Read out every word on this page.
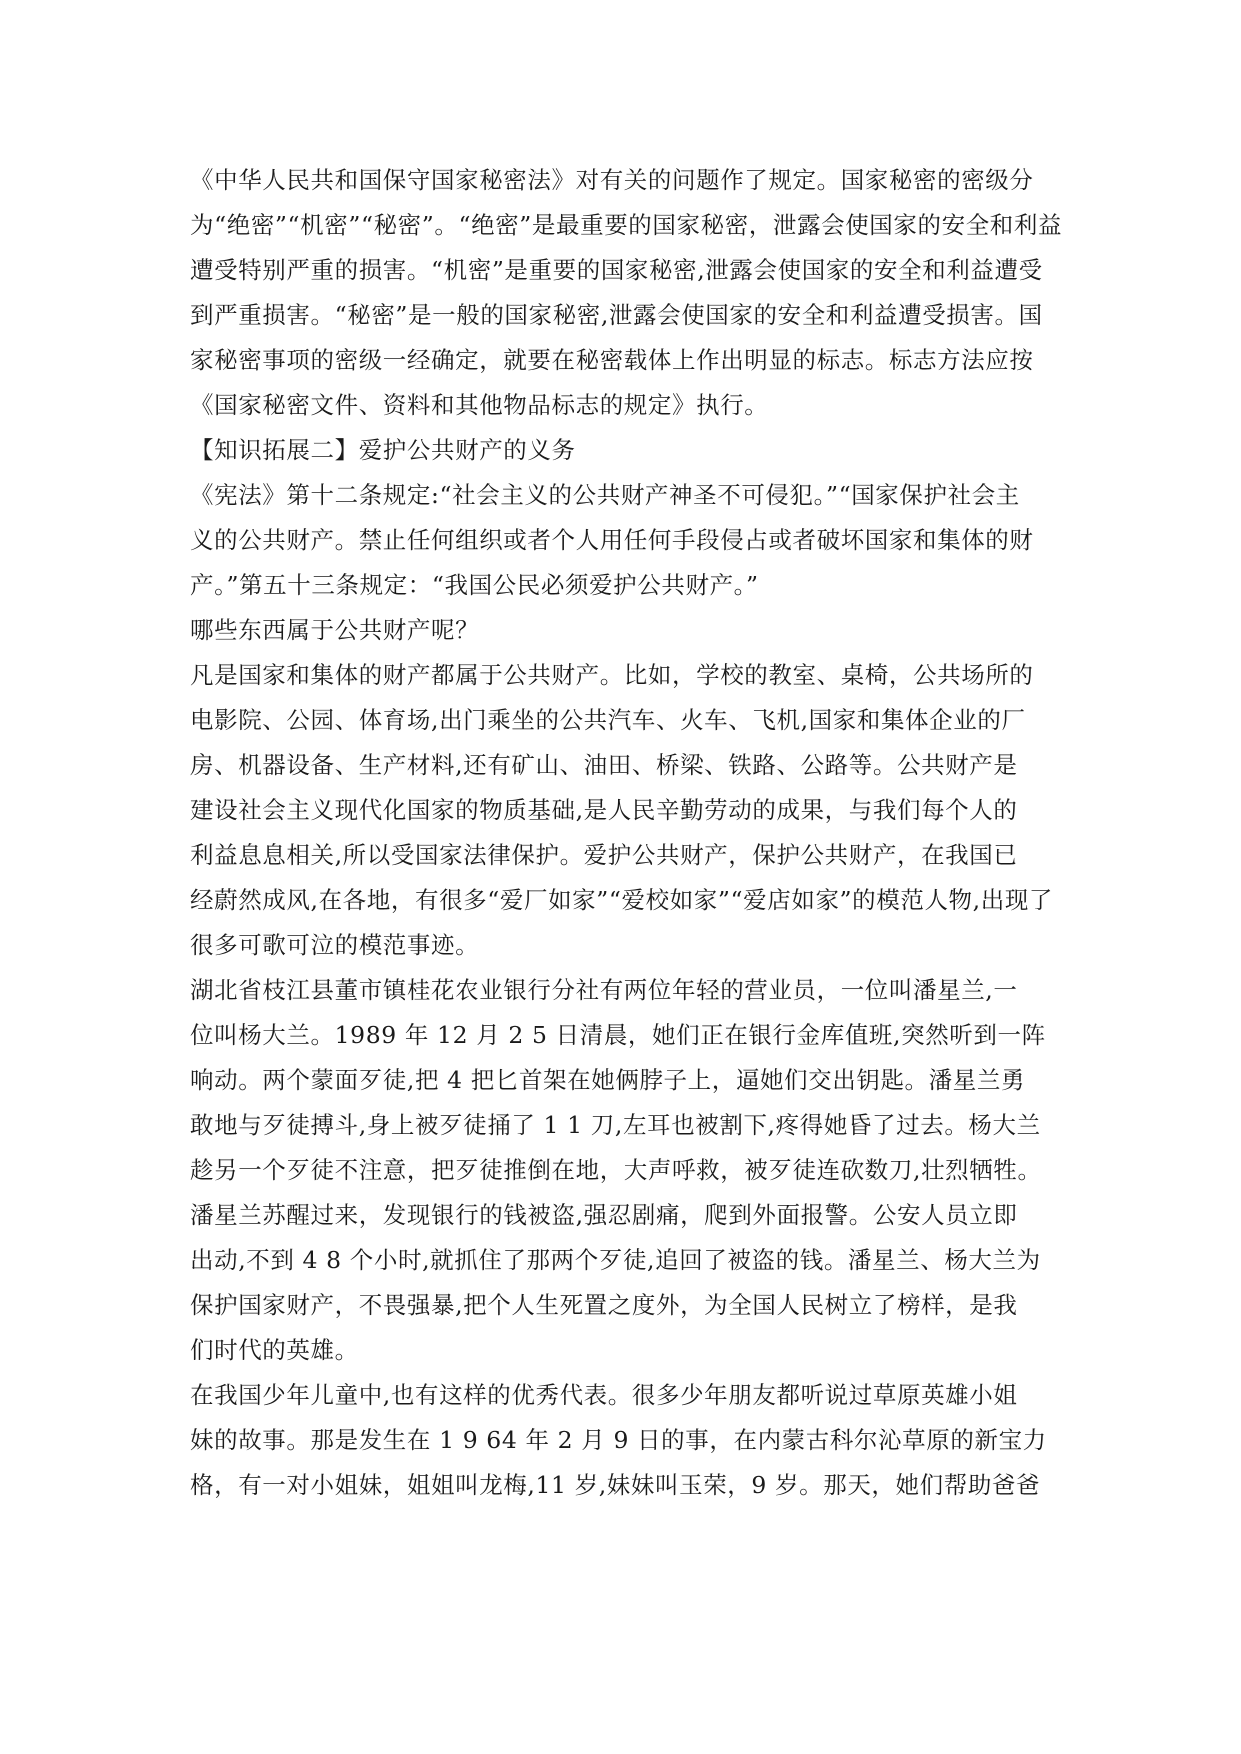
《中华人民共和国保守国家秘密法》对有关的问题作了规定。国家秘密的密级分
为“绝密”“机密”“秘密”。“绝密”是最重要的国家秘密，泄露会使国家的安全和利益
遭受特别严重的损害。“机密”是重要的国家秘密,泄露会使国家的安全和利益遭受
到严重损害。“秘密”是一般的国家秘密,泄露会使国家的安全和利益遭受损害。国
家秘密事项的密级一经确定，就要在秘密载体上作出明显的标志。标志方法应按
《国家秘密文件、资料和其他物品标志的规定》执行。
【知识拓展二】爱护公共财产的义务
《宪法》第十二条规定:“社会主义的公共财产神圣不可侵犯。”“国家保护社会主
义的公共财产。禁止任何组织或者个人用任何手段侵占或者破坏国家和集体的财
产。”第五十三条规定：“我国公民必须爱护公共财产。”
哪些东西属于公共财产呢？
凡是国家和集体的财产都属于公共财产。比如，学校的教室、桌椅，公共场所的
电影院、公园、体育场,出门乘坐的公共汽车、火车、飞机,国家和集体企业的厂
房、机器设备、生产材料,还有矿山、油田、桥梁、铁路、公路等。公共财产是
建设社会主义现代化国家的物质基础,是人民辛勤劳动的成果，与我们每个人的
利益息息相关,所以受国家法律保护。爱护公共财产，保护公共财产，在我国已
经蔚然成风,在各地，有很多“爱厂如家”“爱校如家”“爱店如家”的模范人物,出现了
很多可歌可泣的模范事迹。
湖北省枝江县董市镇桂花农业银行分社有两位年轻的营业员，一位叫潘星兰,一
位叫杨大兰。1989 年 12 月 2 5 日清晨，她们正在银行金库值班,突然听到一阵
响动。两个蒙面歹徒,把 4 把匕首架在她俩脖子上，逼她们交出钥匙。潘星兰勇
敢地与歹徒搏斗,身上被歹徒捅了 1 1 刀,左耳也被割下,疼得她昏了过去。杨大兰
趁另一个歹徒不注意，把歹徒推倒在地，大声呼救，被歹徒连砍数刀,壮烈牺牲。
潘星兰苏醒过来，发现银行的钱被盗,强忍剧痛，爬到外面报警。公安人员立即
出动,不到 4 8 个小时,就抓住了那两个歹徒,追回了被盗的钱。潘星兰、杨大兰为
保护国家财产，不畏强暴,把个人生死置之度外，为全国人民树立了榜样，是我
们时代的英雄。
在我国少年儿童中,也有这样的优秀代表。很多少年朋友都听说过草原英雄小姐
妹的故事。那是发生在 1 9 64 年 2 月 9 日的事，在内蒙古科尔沁草原的新宝力
格，有一对小姐妹，姐姐叫龙梅,11 岁,妹妹叫玉荣，9 岁。那天，她们帮助爸爸
